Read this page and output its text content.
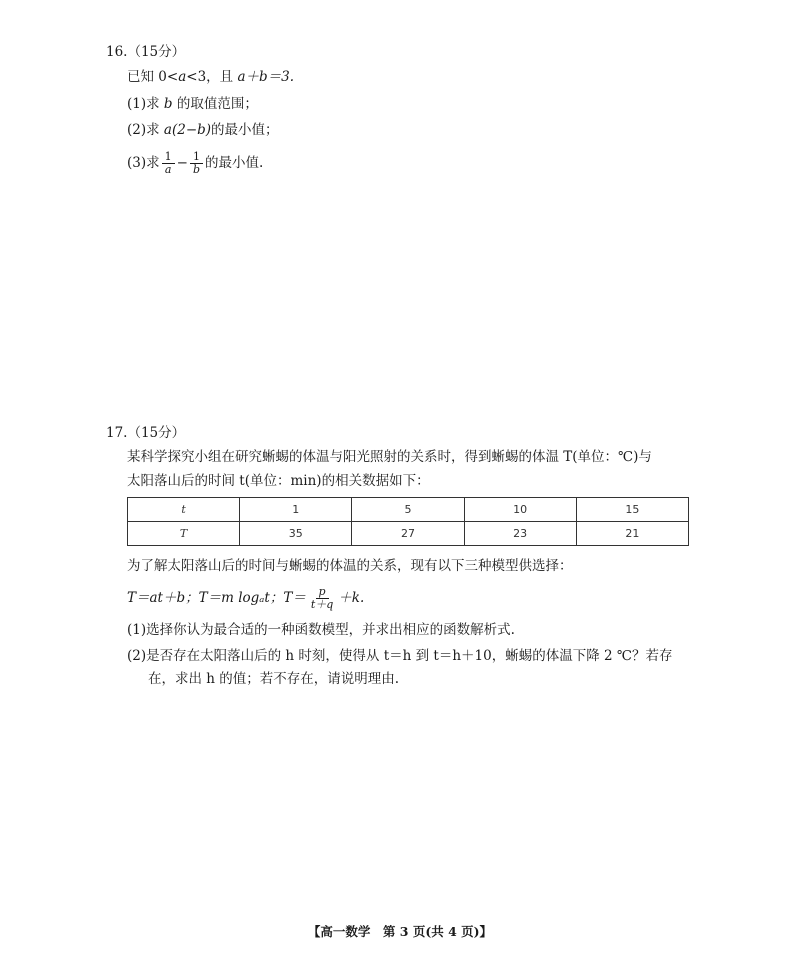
16.（15分）
已知 0<a<3，且 a＋b＝3.
(1)求 b 的取值范围；
(2)求 a(2−b)的最小值；
(3)求 $\frac{1}{a} - \frac{1}{b}$ 的最小值.
17.（15分）
某科学探究小组在研究蜥蜴的体温与阳光照射的关系时，得到蜥蜴的体温 T(单位：℃)与
太阳落山后的时间 t(单位：min)的相关数据如下：
t	1	5	10	15
T	35	27	23	21
为了解太阳落山后的时间与蜥蜴的体温的关系，现有以下三种模型供选择：
T＝at＋b；T＝m logₐt；$T= \frac{p}{t+q} +k$.
(1)选择你认为最合适的一种函数模型，并求出相应的函数解析式.
(2)是否存在太阳落山后的 h 时刻，使得从 t＝h 到 t＝h＋10，蜥蜴的体温下降 2 ℃？若存
在，求出 h 的值；若不存在，请说明理由.
【高一数学　第 3 页(共 4 页)】
